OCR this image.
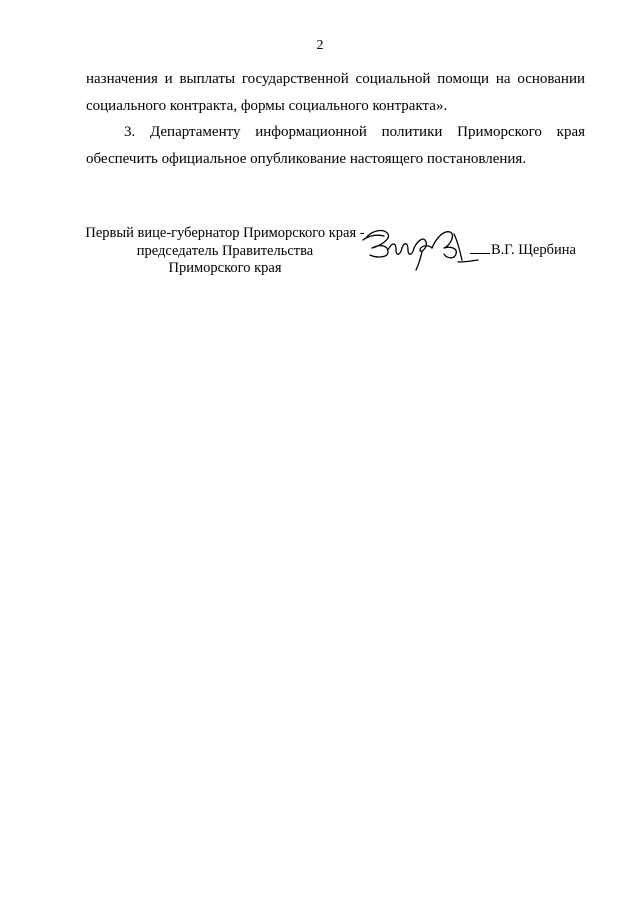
2

назначения и выплаты государственной социальной помощи на основании социального контракта, формы социального контракта».

3. Департаменту информационной политики Приморского края обеспечить официальное опубликование настоящего постановления.

Первый вице-губернатор Приморского края -
председатель Правительства
Приморского края
В.Г. Щербина
